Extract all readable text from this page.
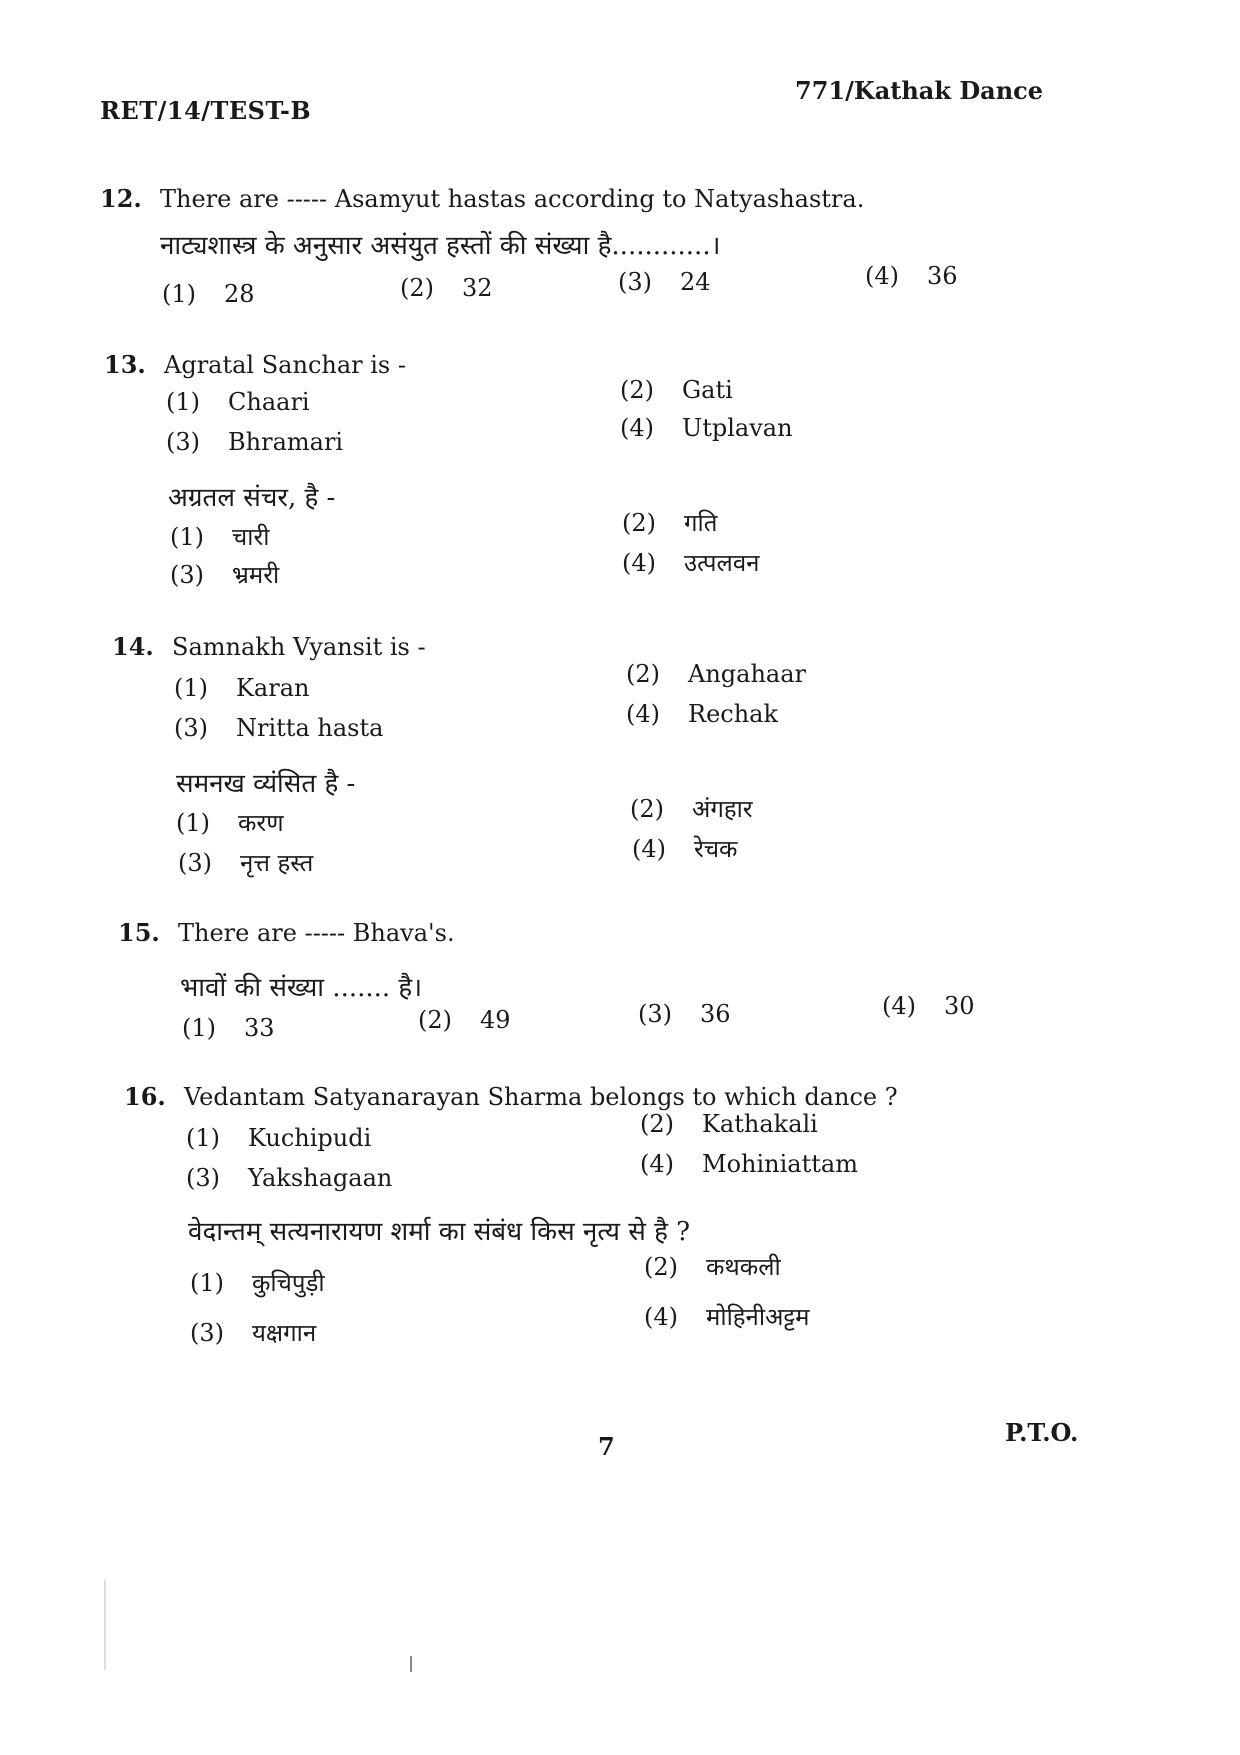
RET/14/TEST-B
771/Kathak Dance
12. There are ----- Asamyut hastas according to Natyashastra.
नाट्यशास्त्र के अनुसार असंयुत हस्तों की संख्या है............।
(1) 28	(2) 32	(3) 24	(4) 36
13. Agratal Sanchar is -
(1) Chaari	(2) Gati
(3) Bhramari	(4) Utplavan
अग्रतल संचर, है -
(1) चारी	(2) गति
(3) भ्रमरी	(4) उत्पलवन
14. Samnakh Vyansit is -
(1) Karan	(2) Angahaar
(3) Nritta hasta	(4) Rechak
समनख व्यंसित है -
(1) करण	(2) अंगहार
(3) नृत्त हस्त	(4) रेचक
15. There are ----- Bhava's.
भावों की संख्या ....... है।
(1) 33	(2) 49	(3) 36	(4) 30
16. Vedantam Satyanarayan Sharma belongs to which dance ?
(1) Kuchipudi	(2) Kathakali
(3) Yakshagaan	(4) Mohiniattam
वेदान्तम् सत्यनारायण शर्मा का संबंध किस नृत्य से है ?
(1) कुचिपुड़ी
(2) कथकली
(3) यक्षगान
(4) मोहिनीअट्टम
7	P.T.O.
